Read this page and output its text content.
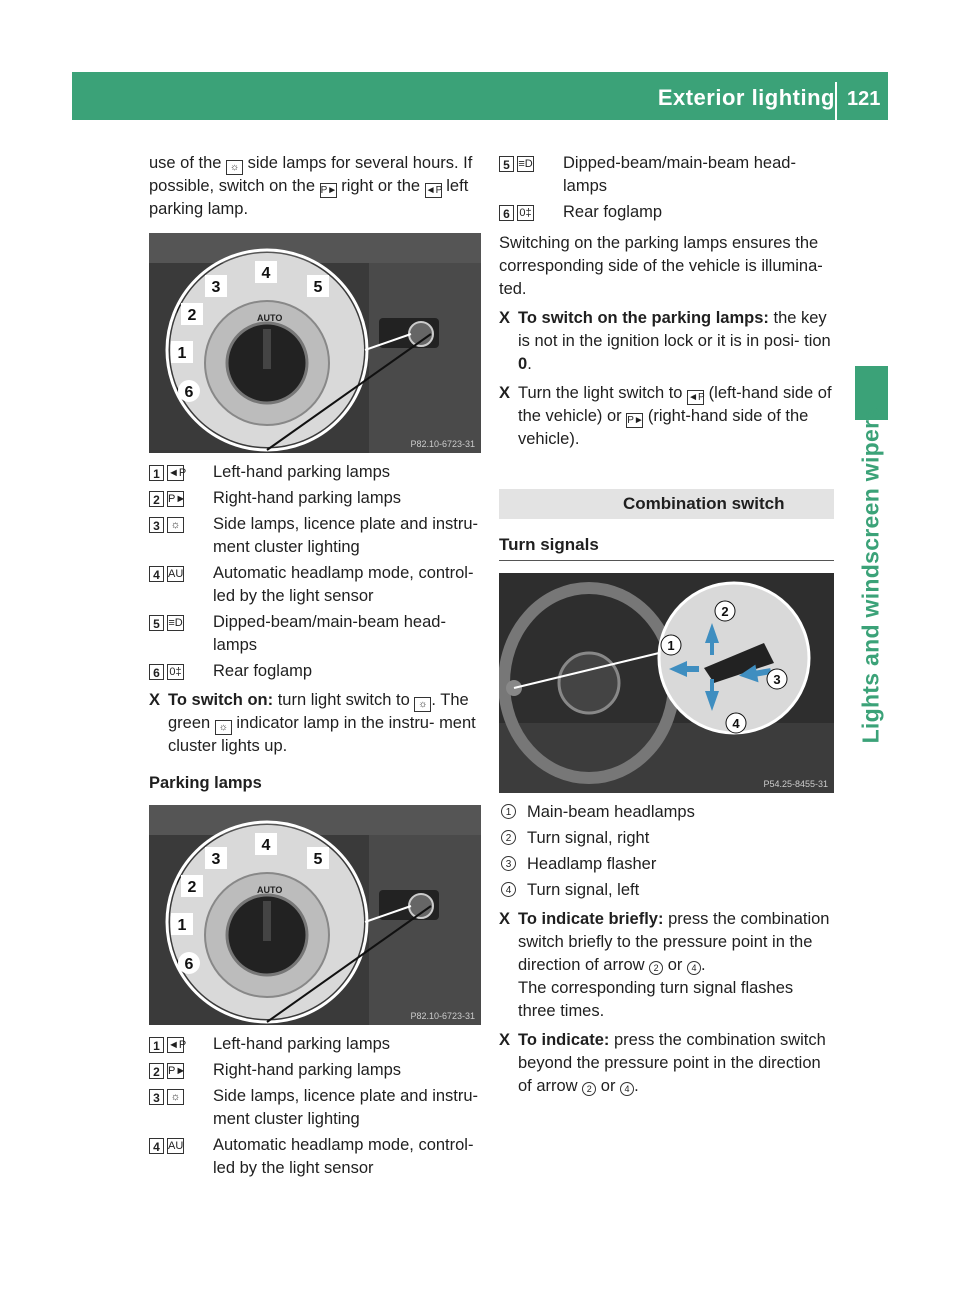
Exterior lighting 121
Lights and windscreen wipers

use of the ☼ side lamps for several hours. If possible, switch on the P► right or the ◄P left parking lamp.

AUTO
1
2
3
4
5
6
P82.10-6723-31
1 ◄P Left-hand parking lamps
2 P► Right-hand parking lamps
3 ☼ Side lamps, licence plate and instru- ment cluster lighting
4 AU Automatic headlamp mode, control- led by the light sensor
5 ≡D Dipped-beam/main-beam head- lamps
6 0‡ Rear foglamp
X To switch on: turn light switch to ☼ . The green ☼ indicator lamp in the instru- ment cluster lights up.

Parking lamps

AUTO
1
2
3
4
5
6
P82.10-6723-31
1 ◄P Left-hand parking lamps
2 P► Right-hand parking lamps
3 ☼ Side lamps, licence plate and instru- ment cluster lighting
4 AU Automatic headlamp mode, control- led by the light sensor
5 ≡D Dipped-beam/main-beam head- lamps
6 0‡ Rear foglamp

Switching on the parking lamps ensures the corresponding side of the vehicle is illumina- ted.

X To switch on the parking lamps: the key is not in the ignition lock or it is in posi- tion 0.
X Turn the light switch to ◄P (left-hand side of the vehicle) or P► (right-hand side of the vehicle).
Combination switch
Turn signals
1
2
3
4
P54.25-8455-31
1 Main-beam headlamps
2 Turn signal, right
3 Headlamp flasher
4 Turn signal, left
X To indicate briefly: press the combination switch briefly to the pressure point in the direction of arrow 2 or 4 .
The corresponding turn signal flashes three times.
X To indicate: press the combination switch beyond the pressure point in the direction of arrow 2 or 4 .
